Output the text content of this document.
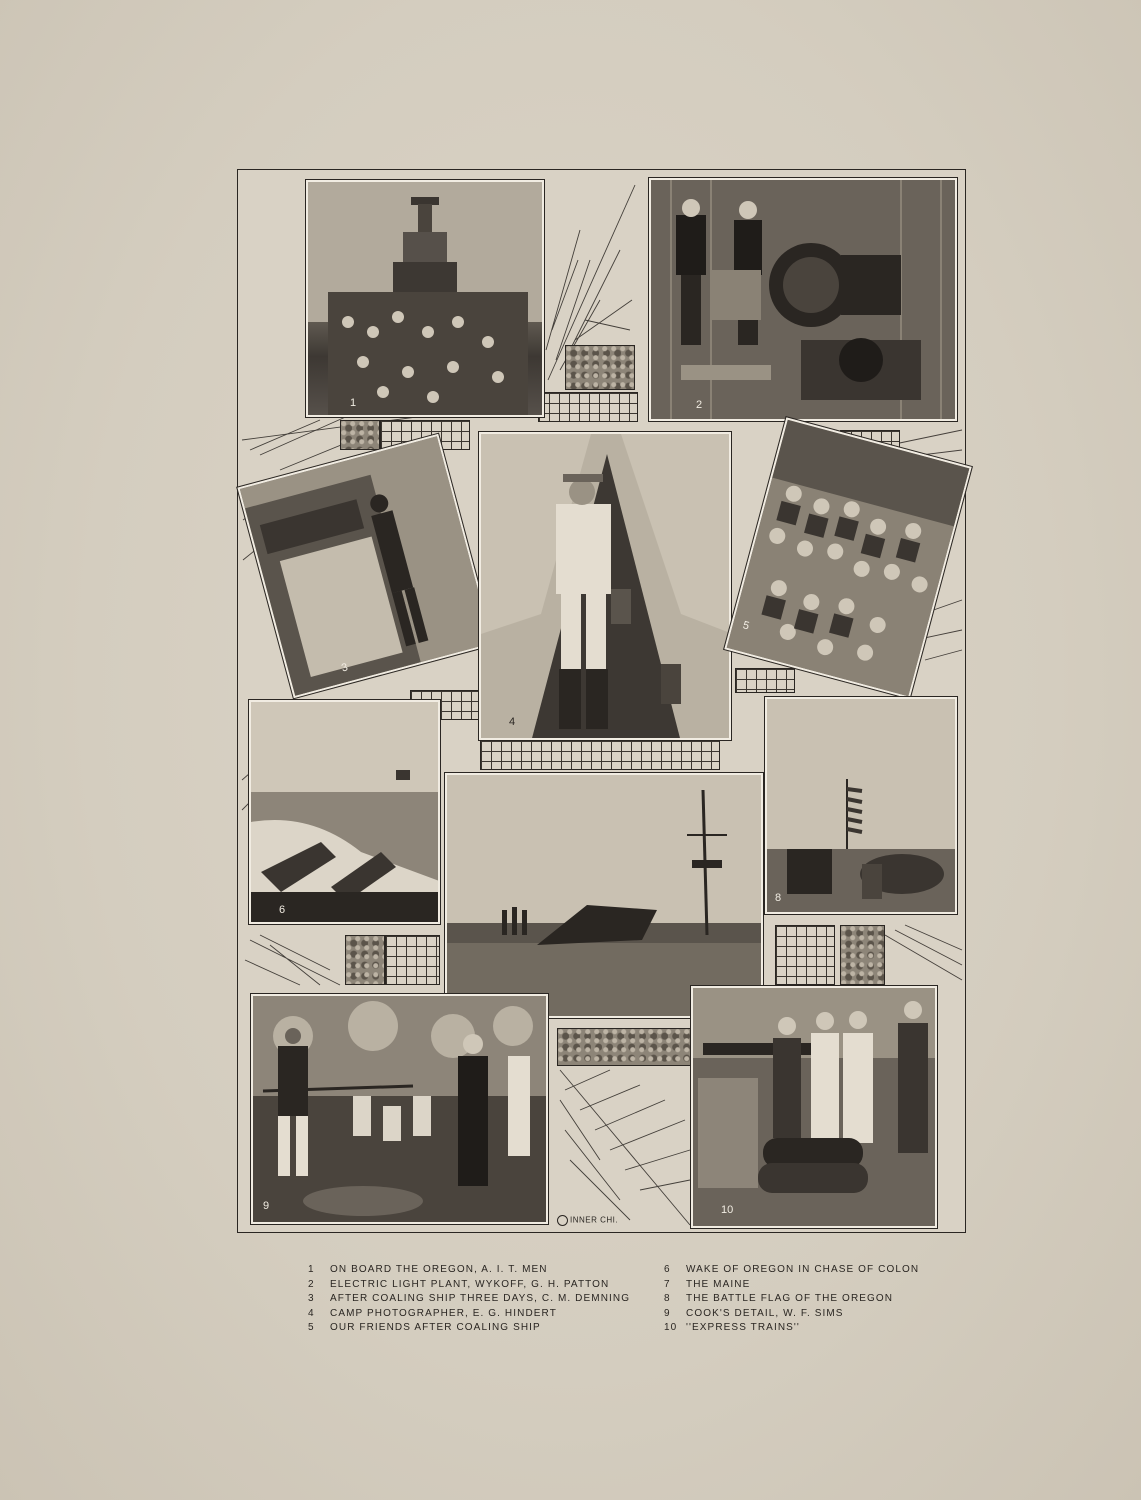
1	2
3
4
5
6
8
9	10
INNER CHI.
1	ON BOARD THE OREGON, A. I. T. MEN
2	ELECTRIC LIGHT PLANT, WYKOFF, G. H. PATTON
3	AFTER COALING SHIP THREE DAYS, C. M. DEMNING
4	CAMP PHOTOGRAPHER, E. G. HINDERT
5	OUR FRIENDS AFTER COALING SHIP
6	WAKE OF OREGON IN CHASE OF COLON
7	THE MAINE
8	THE BATTLE FLAG OF THE OREGON
9	COOK'S DETAIL, W. F. SIMS
10 ''EXPRESS TRAINS''
